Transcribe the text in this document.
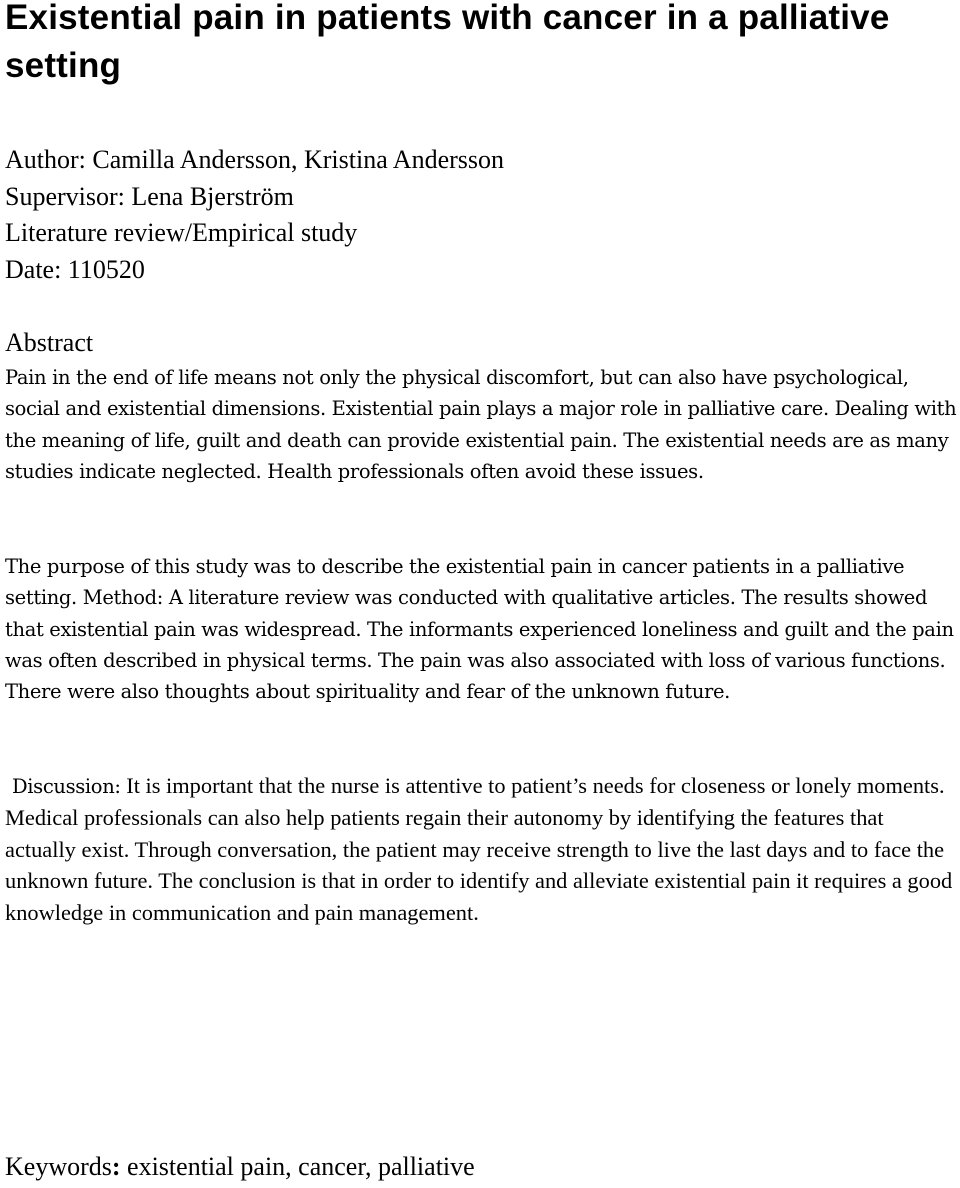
Existential pain in patients with cancer in a palliative setting
Author: Camilla Andersson, Kristina Andersson
Supervisor: Lena Bjerström
Literature review/Empirical study
Date: 110520
Abstract

Pain in the end of life means not only the physical discomfort, but can also have psychological, social and existential dimensions. Existential pain plays a major role in palliative care. Dealing with the meaning of life, guilt and death can provide existential pain. The existential needs are as many studies indicate neglected. Health professionals often avoid these issues.

The purpose of this study was to describe the existential pain in cancer patients in a palliative setting. Method: A literature review was conducted with qualitative articles. The results showed that existential pain was widespread. The informants experienced loneliness and guilt and the pain was often described in physical terms. The pain was also associated with loss of various functions. There were also thoughts about spirituality and fear of the unknown future.

Discussion: It is important that the nurse is attentive to patient’s needs for closeness or lonely moments. Medical professionals can also help patients regain their autonomy by identifying the features that actually exist. Through conversation, the patient may receive strength to live the last days and to face the unknown future. The conclusion is that in order to identify and alleviate existential pain it requires a good knowledge in communication and pain management.

Keywords: existential pain, cancer, palliative
